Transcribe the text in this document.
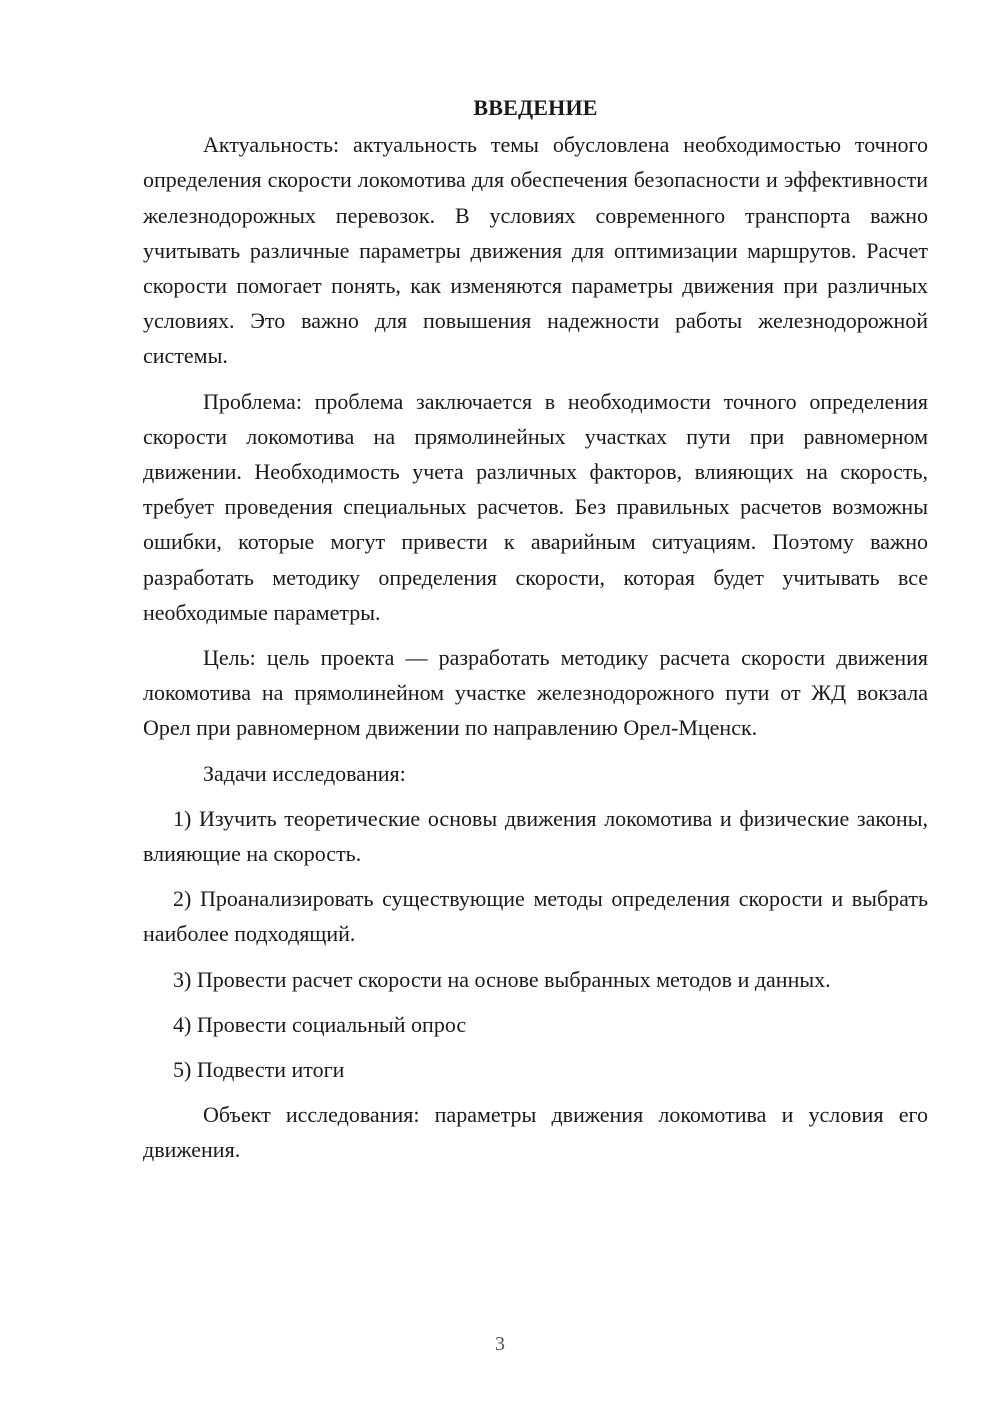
ВВЕДЕНИЕ

Актуальность: актуальность темы обусловлена необходимостью точного определения скорости локомотива для обеспечения безопасности и эффективности железнодорожных перевозок. В условиях современного транспорта важно учитывать различные параметры движения для оптимизации маршрутов. Расчет скорости помогает понять, как изменяются параметры движения при различных условиях. Это важно для повышения надежности работы железнодорожной системы.

Проблема: проблема заключается в необходимости точного определения скорости локомотива на прямолинейных участках пути при равномерном движении. Необходимость учета различных факторов, влияющих на скорость, требует проведения специальных расчетов. Без правильных расчетов возможны ошибки, которые могут привести к аварийным ситуациям. Поэтому важно разработать методику определения скорости, которая будет учитывать все необходимые параметры.

Цель: цель проекта — разработать методику расчета скорости движения локомотива на прямолинейном участке железнодорожного пути от ЖД вокзала Орел при равномерном движении по направлению Орел-Мценск.

Задачи исследования:

1) Изучить теоретические основы движения локомотива и физические законы, влияющие на скорость.

2) Проанализировать существующие методы определения скорости и выбрать наиболее подходящий.

3) Провести расчет скорости на основе выбранных методов и данных.

4) Провести социальный опрос

5) Подвести итоги

Объект исследования: параметры движения локомотива и условия его движения.

3
